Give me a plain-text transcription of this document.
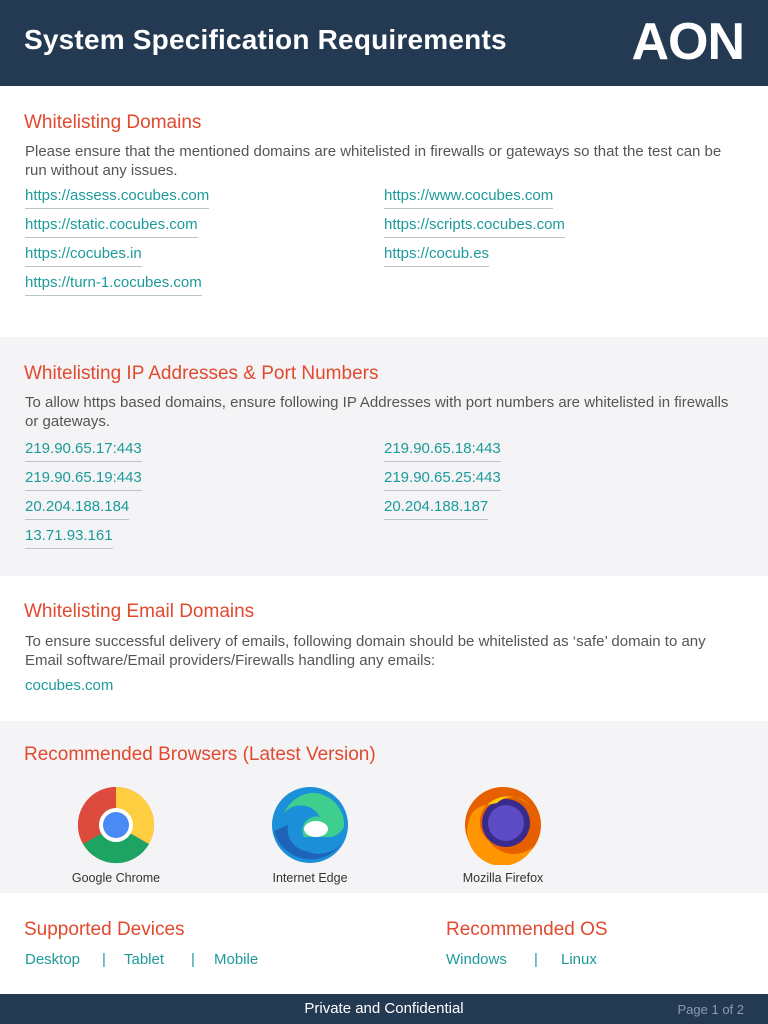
System Specification Requirements AON
Whitelisting Domains
Please ensure that the mentioned domains are whitelisted in firewalls or gateways so that the test can be run without any issues.
https://assess.cocubes.com	https://www.cocubes.com
https://static.cocubes.com	https://scripts.cocubes.com
https://cocubes.in	https://cocub.es
https://turn-1.cocubes.com
Whitelisting IP Addresses & Port Numbers
To allow https based domains, ensure following IP Addresses with port numbers are whitelisted in firewalls or gateways.
219.90.65.17:443	219.90.65.18:443
219.90.65.19:443	219.90.65.25:443
20.204.188.184	20.204.188.187
13.71.93.161
Whitelisting Email Domains
To ensure successful delivery of emails, following domain should be whitelisted as ‘safe’ domain to any Email software/Email providers/Firewalls handling any emails:
cocubes.com
Recommended Browsers (Latest Version)
Google Chrome	Internet Edge	Mozilla Firefox
Supported Devices
Desktop | Tablet | Mobile
Recommended OS
Windows | Linux
Private and Confidential	Page 1 of 2
